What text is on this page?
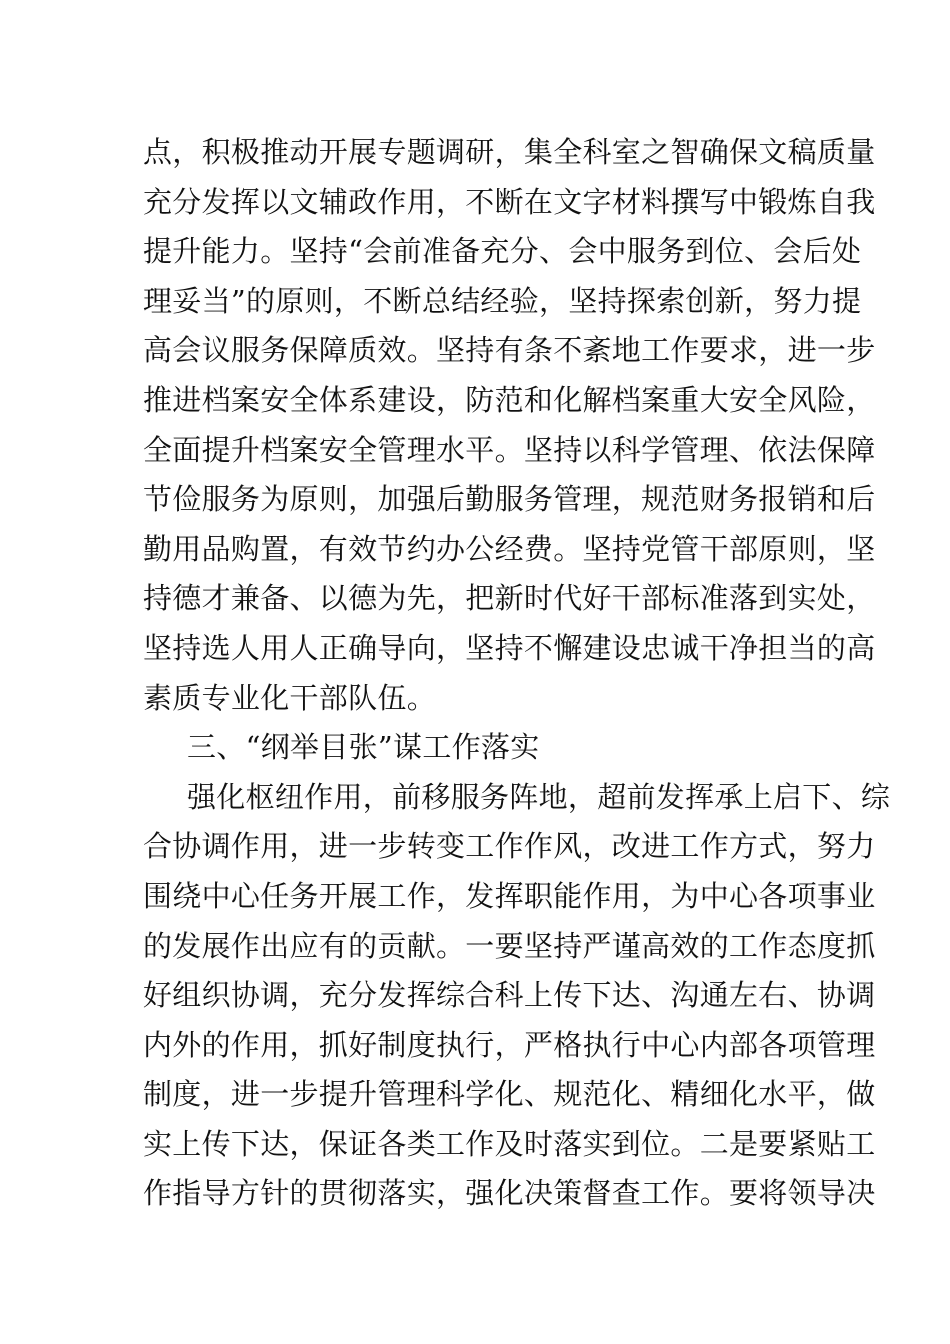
点，积极推动开展专题调研，集全科室之智确保文稿质量
充分发挥以文辅政作用，不断在文字材料撰写中锻炼自我
提升能力。坚持“会前准备充分、会中服务到位、会后处
理妥当”的原则，不断总结经验，坚持探索创新，努力提
高会议服务保障质效。坚持有条不紊地工作要求，进一步
推进档案安全体系建设，防范和化解档案重大安全风险，
全面提升档案安全管理水平。坚持以科学管理、依法保障
节俭服务为原则，加强后勤服务管理，规范财务报销和后
勤用品购置，有效节约办公经费。坚持党管干部原则，坚
持德才兼备、以德为先，把新时代好干部标准落到实处，
坚持选人用人正确导向，坚持不懈建设忠诚干净担当的高
素质专业化干部队伍。
三、“纲举目张”谋工作落实
强化枢纽作用，前移服务阵地，超前发挥承上启下、综
合协调作用，进一步转变工作作风，改进工作方式，努力
围绕中心任务开展工作，发挥职能作用，为中心各项事业
的发展作出应有的贡献。一要坚持严谨高效的工作态度抓
好组织协调，充分发挥综合科上传下达、沟通左右、协调
内外的作用，抓好制度执行，严格执行中心内部各项管理
制度，进一步提升管理科学化、规范化、精细化水平，做
实上传下达，保证各类工作及时落实到位。二是要紧贴工
作指导方针的贯彻落实，强化决策督查工作。要将领导决
